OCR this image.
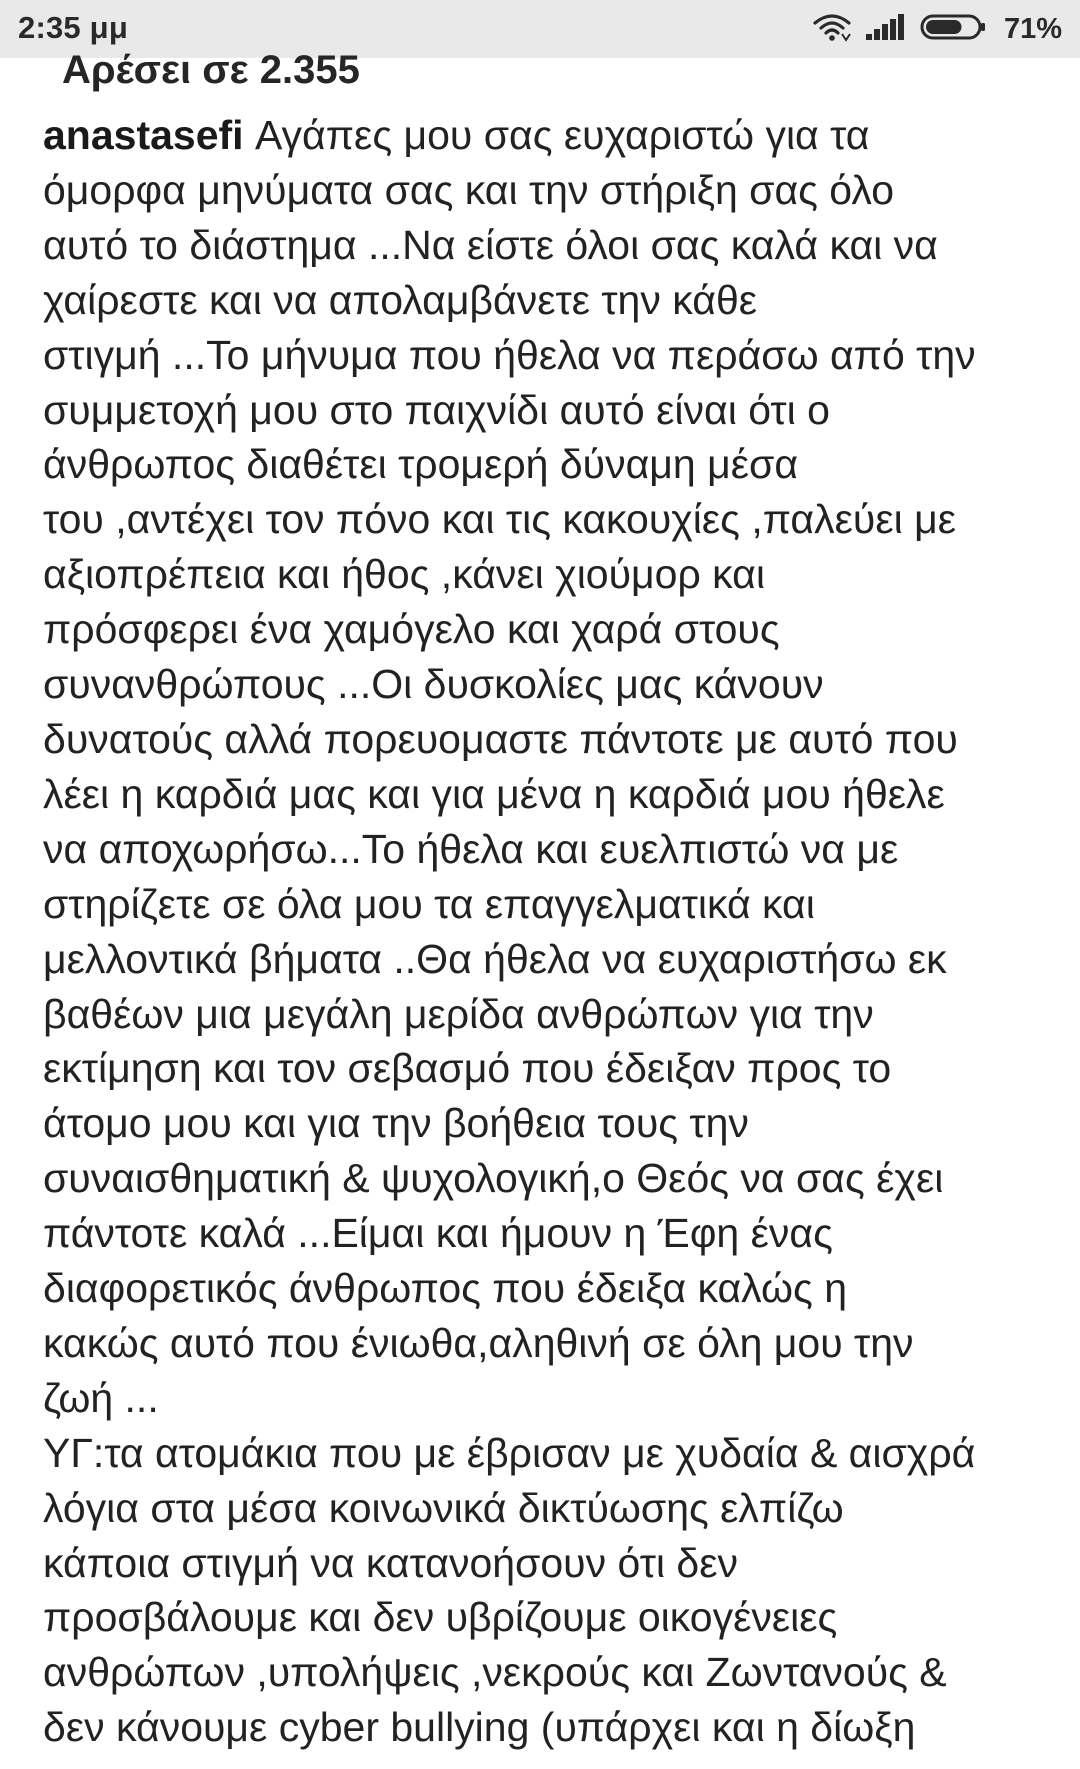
2:35 μμ	71%
Αρέσει σε 2.355
anastasefi Αγάπες μου σας ευχαριστώ για τα
όμορφα μηνύματα σας και την στήριξη σας όλο
αυτό το διάστημα ...Να είστε όλοι σας καλά και να
χαίρεστε και να απολαμβάνετε την κάθε
στιγμή ...Το μήνυμα που ήθελα να περάσω από την
συμμετοχή μου στο παιχνίδι αυτό είναι ότι ο
άνθρωπος διαθέτει τρομερή δύναμη μέσα
του ,αντέχει τον πόνο και τις κακουχίες ,παλεύει με
αξιοπρέπεια και ήθος ,κάνει χιούμορ και
πρόσφερει ένα χαμόγελο και χαρά στους
συνανθρώπους ...Οι δυσκολίες μας κάνουν
δυνατούς αλλά πορευομαστε πάντοτε με αυτό που
λέει η καρδιά μας και για μένα η καρδιά μου ήθελε
να αποχωρήσω...Το ήθελα και ευελπιστώ να με
στηρίζετε σε όλα μου τα επαγγελματικά και
μελλοντικά βήματα ..Θα ήθελα να ευχαριστήσω εκ
βαθέων μια μεγάλη μερίδα ανθρώπων για την
εκτίμηση και τον σεβασμό που έδειξαν προς το
άτομο μου και για την βοήθεια τους την
συναισθηματική & ψυχολογική,ο Θεός να σας έχει
πάντοτε καλά ...Είμαι και ήμουν η Έφη ένας
διαφορετικός άνθρωπος που έδειξα καλώς η
κακώς αυτό που ένιωθα,αληθινή σε όλη μου την
ζωή ...
ΥΓ:τα ατομάκια που με έβρισαν με χυδαία & αισχρά
λόγια στα μέσα κοινωνικά δικτύωσης ελπίζω
κάποια στιγμή να κατανοήσουν ότι δεν
προσβάλουμε και δεν υβρίζουμε οικογένειες
ανθρώπων ,υπολήψεις ,νεκρούς και Ζωντανούς &
δεν κάνουμε cyber bullying (υπάρχει και η δίωξη
